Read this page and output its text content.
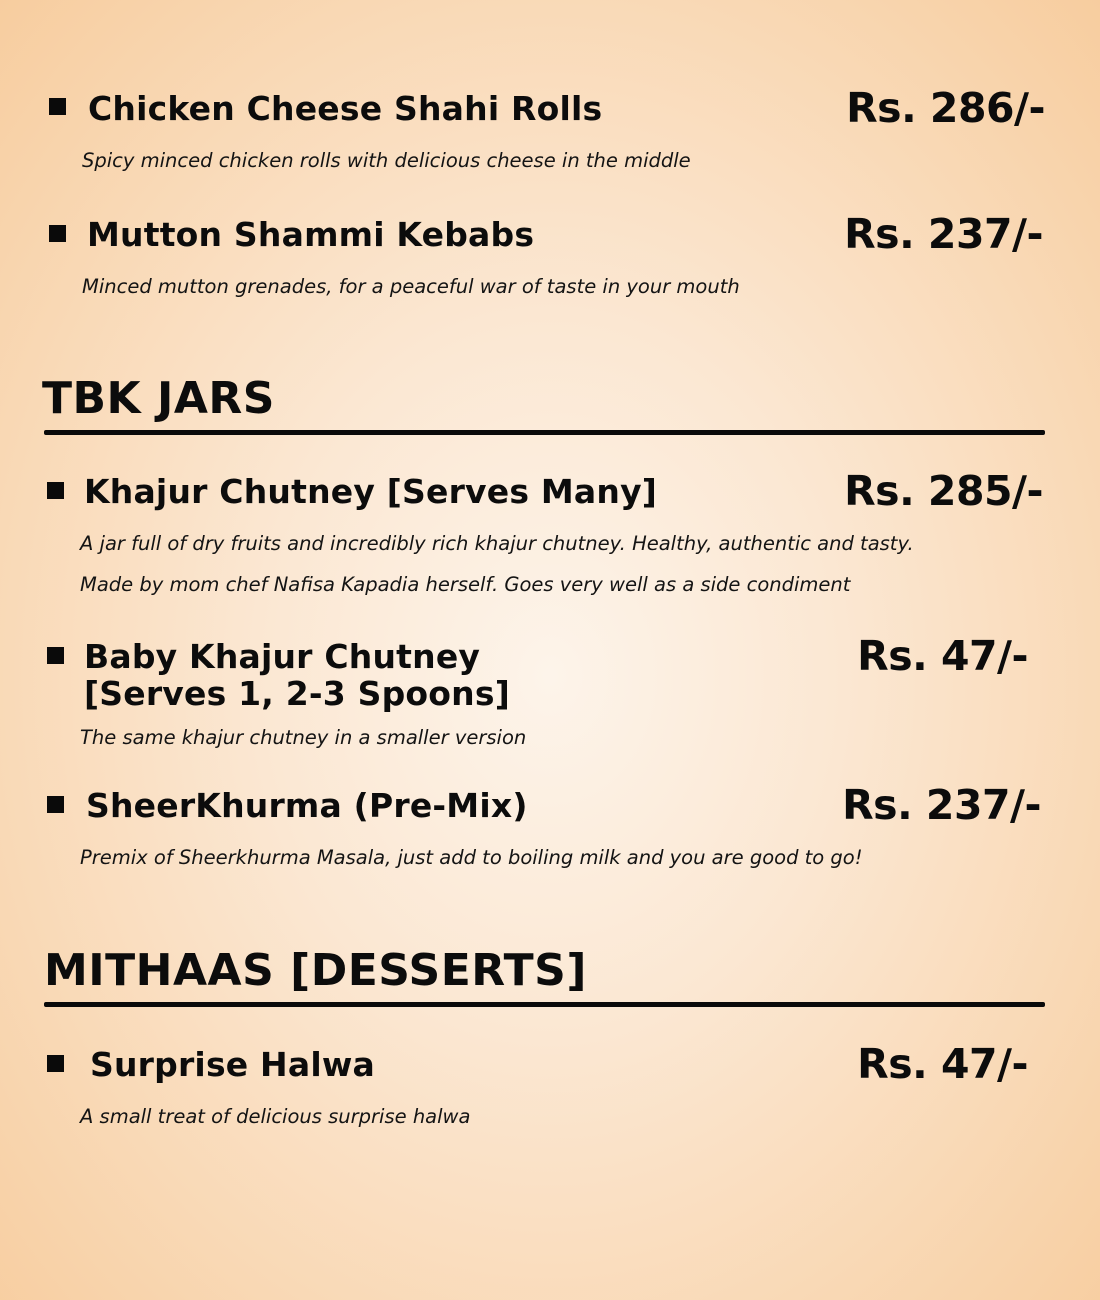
Chicken Cheese Shahi Rolls	Rs. 286/-
Spicy minced chicken rolls with delicious cheese in the middle
Mutton Shammi Kebabs	Rs. 237/-
Minced mutton grenades, for a peaceful war of taste in your mouth
TBK JARS
Khajur Chutney [Serves Many]	Rs. 285/-
A jar full of dry fruits and incredibly rich khajur chutney. Healthy, authentic and tasty.
Made by mom chef Nafisa Kapadia herself. Goes very well as a side condiment
Baby Khajur Chutney
[Serves 1, 2-3 Spoons]
Rs. 47/-
The same khajur chutney in a smaller version
SheerKhurma (Pre-Mix)	Rs. 237/-
Premix of Sheerkhurma Masala, just add to boiling milk and you are good to go!
MITHAAS [DESSERTS]
Surprise Halwa	Rs. 47/-
A small treat of delicious surprise halwa
